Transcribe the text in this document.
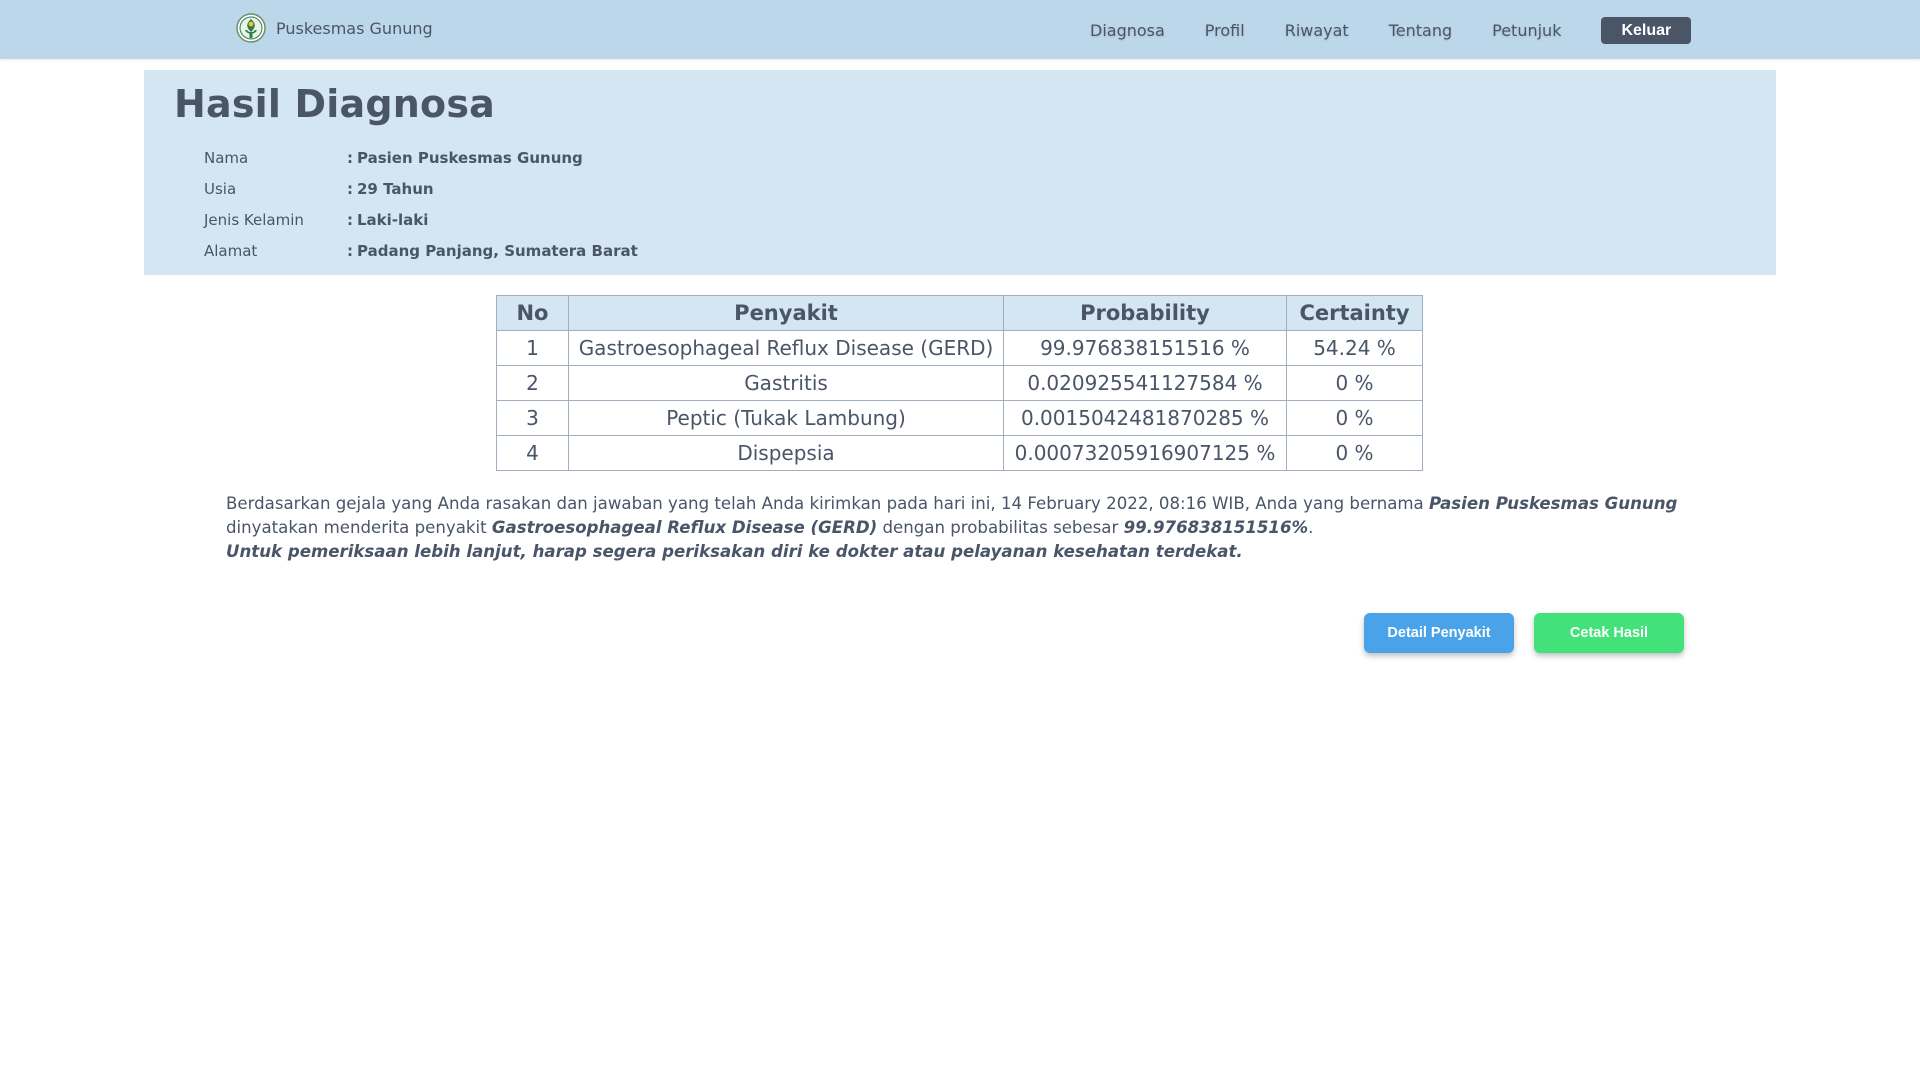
Puskesmas Gunung	Diagnosa	Profil	Riwayat	Tentang	Petunjuk	Keluar
Hasil Diagnosa
Nama	: Pasien Puskesmas Gunung
Usia	: 29 Tahun
Jenis Kelamin	: Laki-laki
Alamat	: Padang Panjang, Sumatera Barat
No	Penyakit	Probability	Certainty
1	Gastroesophageal Reflux Disease (GERD)	99.976838151516 %	54.24 %
2	Gastritis	0.020925541127584 %	0 %
3	Peptic (Tukak Lambung)	0.0015042481870285 %	0 %
4	Dispepsia	0.00073205916907125 %	0 %
Berdasarkan gejala yang Anda rasakan dan jawaban yang telah Anda kirimkan pada hari ini, 14 February 2022, 08:16 WIB, Anda yang bernama Pasien Puskesmas Gunung dinyatakan menderita penyakit Gastroesophageal Reflux Disease (GERD) dengan probabilitas sebesar 99.976838151516%.
Untuk pemeriksaan lebih lanjut, harap segera periksakan diri ke dokter atau pelayanan kesehatan terdekat.
Detail Penyakit	Cetak Hasil
